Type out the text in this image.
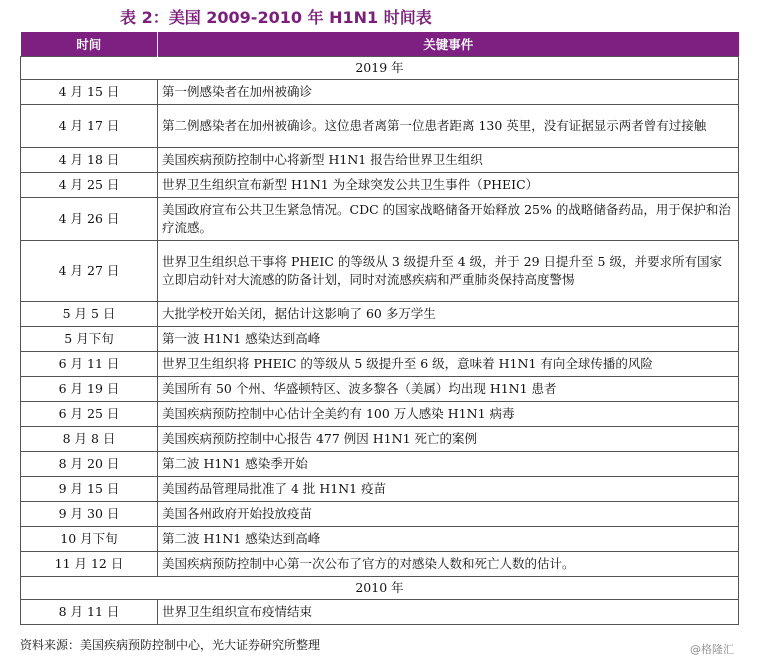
表 2：美国 2009-2010 年 H1N1 时间表
时间	关键事件
2019 年	
4 月 15 日	第一例感染者在加州被确诊
4 月 17 日	第二例感染者在加州被确诊。这位患者离第一位患者距离 130 英里，没有证据显示两者曾有过接触
4 月 18 日	美国疾病预防控制中心将新型 H1N1 报告给世界卫生组织
4 月 25 日	世界卫生组织宣布新型 H1N1 为全球突发公共卫生事件（PHEIC）
4 月 26 日	美国政府宣布公共卫生紧急情况。CDC 的国家战略储备开始释放 25% 的战略储备药品，用于保护和治疗流感。
4 月 27 日	世界卫生组织总干事将 PHEIC 的等级从 3 级提升至 4 级，并于 29 日提升至 5 级，并要求所有国家立即启动针对大流感的防备计划，同时对流感疾病和严重肺炎保持高度警惕
5 月 5 日	大批学校开始关闭，据估计这影响了 60 多万学生
5 月下旬	第一波 H1N1 感染达到高峰
6 月 11 日	世界卫生组织将 PHEIC 的等级从 5 级提升至 6 级，意味着 H1N1 有向全球传播的风险
6 月 19 日	美国所有 50 个州、华盛顿特区、波多黎各（美属）均出现 H1N1 患者
6 月 25 日	美国疾病预防控制中心估计全美约有 100 万人感染 H1N1 病毒
8 月 8 日	美国疾病预防控制中心报告 477 例因 H1N1 死亡的案例
8 月 20 日	第二波 H1N1 感染季开始
9 月 15 日	美国药品管理局批准了 4 批 H1N1 疫苗
9 月 30 日	美国各州政府开始投放疫苗
10 月下旬	第二波 H1N1 感染达到高峰
11 月 12 日	美国疾病预防控制中心第一次公布了官方的对感染人数和死亡人数的估计。
2010 年	
8 月 11 日	世界卫生组织宣布疫情结束
资料来源：美国疾病预防控制中心，光大证券研究所整理	@格隆汇
